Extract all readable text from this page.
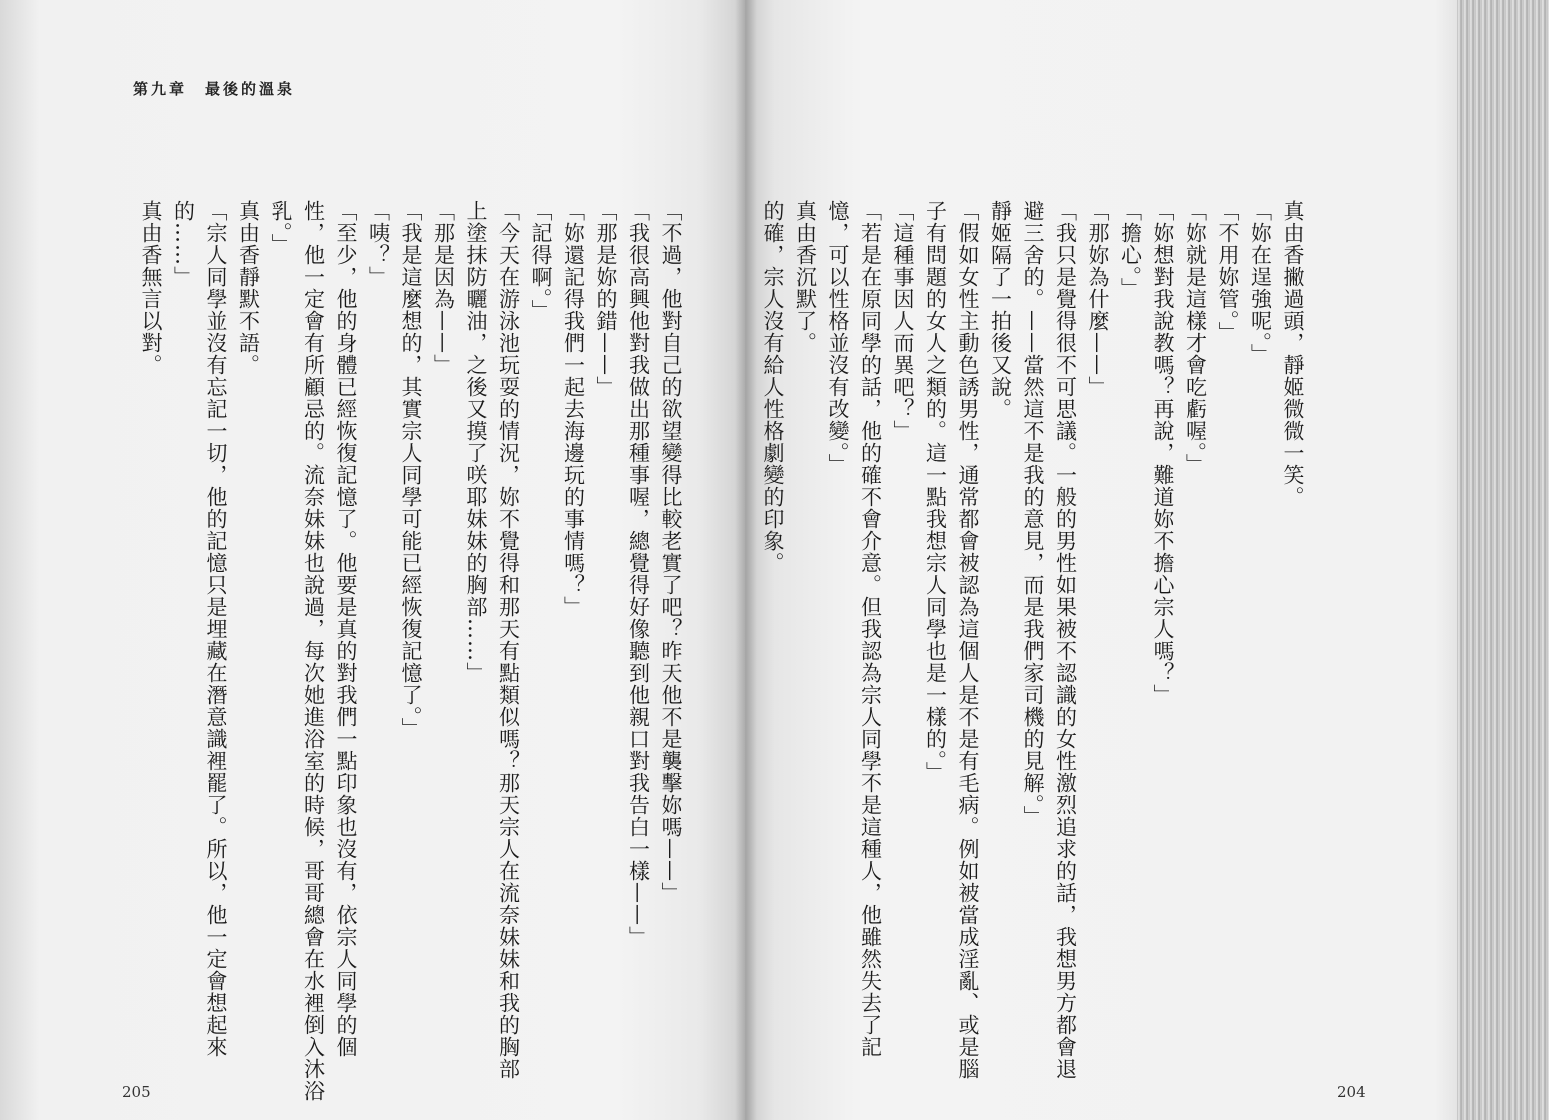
第九章　最後的溫泉

「不過，他對自己的欲望變得比較老實了吧？昨天他不是襲擊妳嗎——」
「我很高興他對我做出那種事喔，總覺得好像聽到他親口對我告白一樣——」
「那是妳的錯——」
「妳還記得我們一起去海邊玩的事情嗎？」
「記得啊。」
「今天在游泳池玩耍的情況，妳不覺得和那天有點類似嗎？那天宗人在流奈妹妹和我的胸部
上塗抹防曬油，之後又摸了咲耶妹妹的胸部……」
「那是因為——」
「我是這麼想的，其實宗人同學可能已經恢復記憶了。」
「咦？」
「至少，他的身體已經恢復記憶了。他要是真的對我們一點印象也沒有，依宗人同學的個
性，他一定會有所顧忌的。流奈妹妹也說過，每次她進浴室的時候，哥哥總會在水裡倒入沐浴
乳。」
真由香靜默不語。
「宗人同學並沒有忘記一切，他的記憶只是埋藏在潛意識裡罷了。所以，他一定會想起來
的……」
真由香無言以對。
205
真由香撇過頭，靜姬微微一笑。
「妳在逞強呢。」
「不用妳管。」
「妳就是這樣才會吃虧喔。」
「妳想對我說教嗎？再說，難道妳不擔心宗人嗎？」
「擔心。」
「那妳為什麼——」
「我只是覺得很不可思議。一般的男性如果被不認識的女性激烈追求的話，我想男方都會退
避三舍的。——當然這不是我的意見，而是我們家司機的見解。」
靜姬隔了一拍後又說。
「假如女性主動色誘男性，通常都會被認為這個人是不是有毛病。例如被當成淫亂、或是腦
子有問題的女人之類的。這一點我想宗人同學也是一樣的。」
「這種事因人而異吧？」
「若是在原同學的話，他的確不會介意。但我認為宗人同學不是這種人，他雖然失去了記
憶，可以性格並沒有改變。」
真由香沉默了。
的確，宗人沒有給人性格劇變的印象。
204
